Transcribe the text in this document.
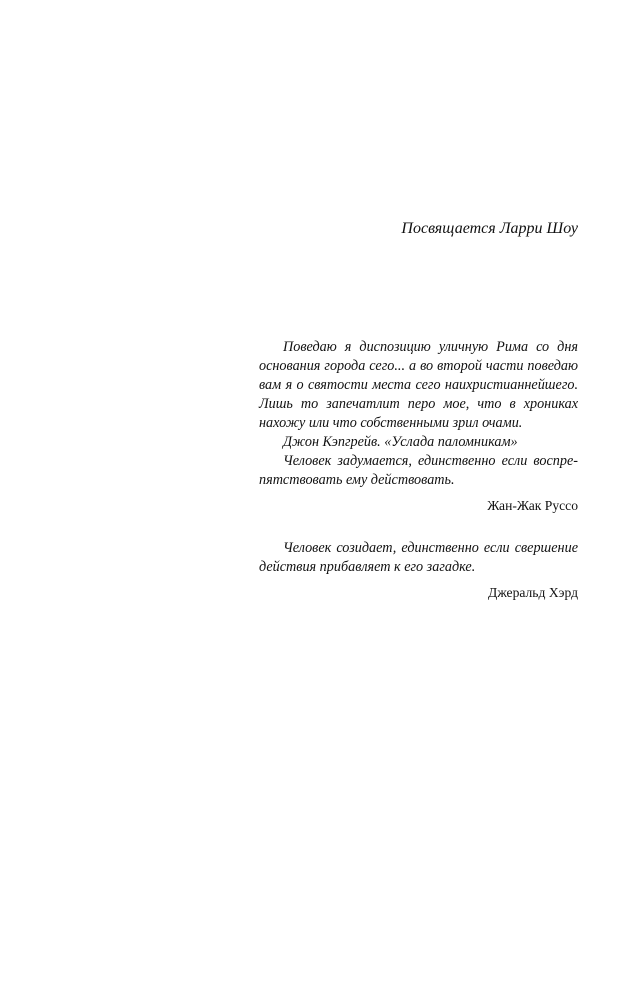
Посвящается Ларри Шоу
Поведаю я диспозицию уличную Рима со дня основания города сего... а во второй части поведаю вам я о святости места сего наихристианнейшего. Лишь то запечатлит перо мое, что в хрониках нахожу или что собственными зрил очами.
Джон Кэпгрейв. «Услада паломникам»
Человек задумается, единственно если воспре- пятствовать ему действовать.
Жан-Жак Руссо
Человек созидает, единственно если свершение действия прибавляет к его загадке.
Джеральд Хэрд
